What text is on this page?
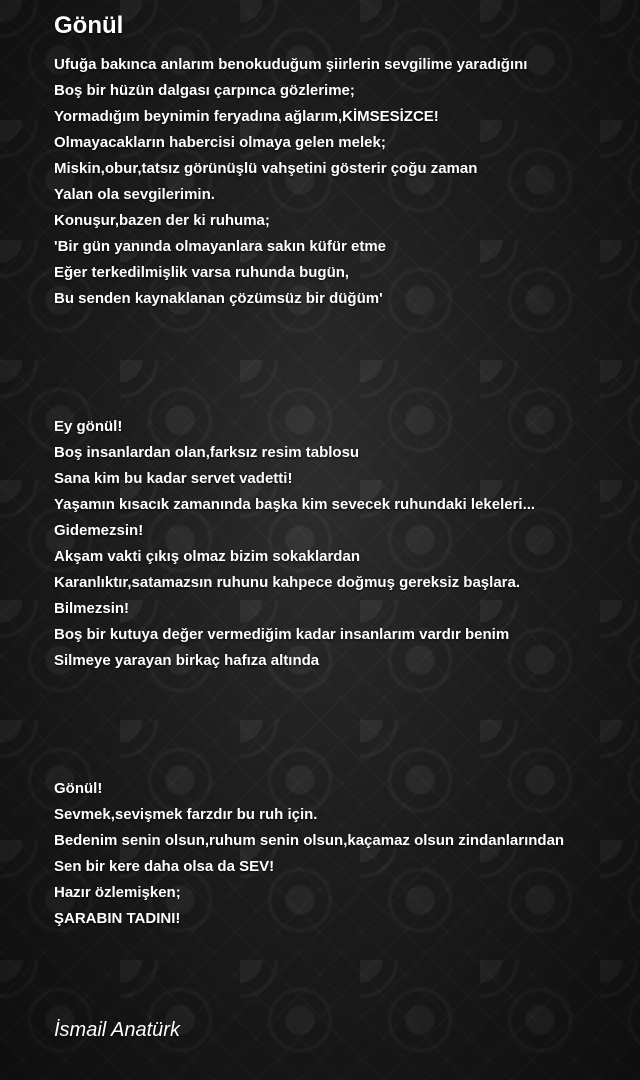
Gönül
Ufuğa bakınca anlarım benokuduğum şiirlerin sevgilime yaradığını
Boş bir hüzün dalgası çarpınca gözlerime;
Yormadığım beynimin feryadına ağlarım,KİMSESİZCE!
Olmayacakların habercisi olmaya gelen melek;
Miskin,obur,tatsız görünüşlü vahşetini gösterir çoğu zaman
Yalan ola sevgilerimin.
Konuşur,bazen der ki ruhuma;
'Bir gün yanında olmayanlara sakın küfür etme
Eğer terkedilmişlik varsa ruhunda bugün,
Bu senden kaynaklanan çözümsüz bir düğüm'
Ey gönül!
Boş insanlardan olan,farksız resim tablosu
Sana kim bu kadar servet vadetti!
Yaşamın kısacık zamanında başka kim sevecek ruhundaki lekeleri...
Gidemezsin!
Akşam vakti çıkış olmaz bizim sokaklardan
Karanlıktır,satamazsın ruhunu kahpece doğmuş gereksiz başlara.
Bilmezsin!
Boş bir kutuya değer vermediğim kadar insanlarım vardır benim
Silmeye yarayan birkaç hafıza altında
Gönül!
Sevmek,sevişmek farzdır bu ruh için.
Bedenim senin olsun,ruhum senin olsun,kaçamaz olsun zindanlarından
Sen bir kere daha olsa da SEV!
Hazır özlemişken;
ŞARABIN TADINI!

İsmail Anatürk
